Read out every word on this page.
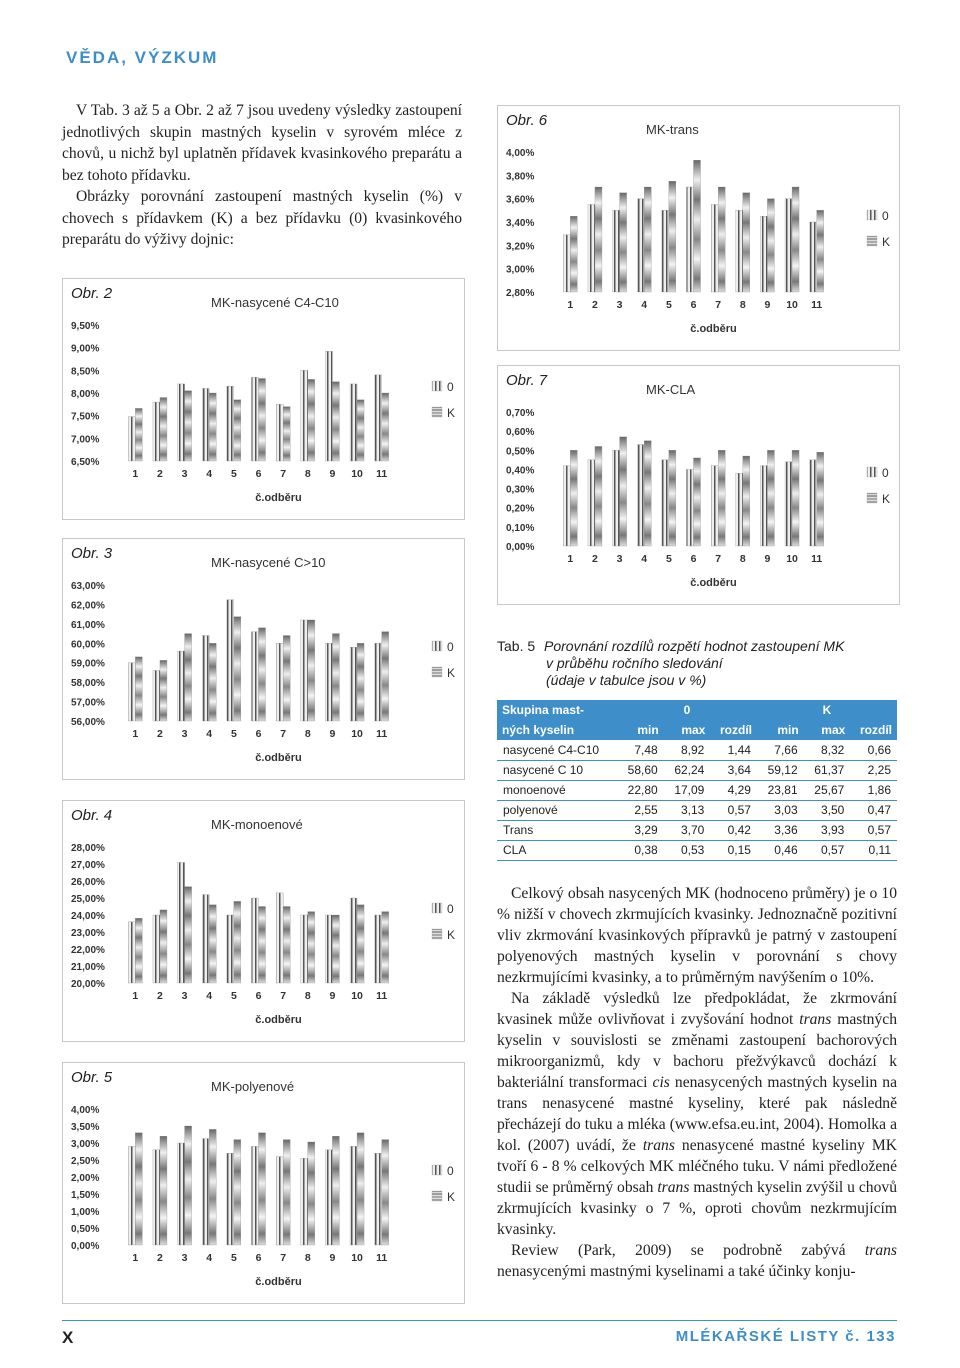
VĚDA, VÝZKUM

V Tab. 3 až 5 a Obr. 2 až 7 jsou uvedeny výsledky zastoupení jednotlivých skupin mastných kyselin v syrovém mléce z chovů, u nichž byl uplatněn přídavek kvasinkového preparátu a bez tohoto přídavku.

Obrázky porovnání zastoupení mastných kyselin (%) v chovech s přídavkem (K) a bez přídavku (0) kvasinkového preparátu do výživy dojnic:

MK-nasycené C4-C10
6,50%
7,00%
7,50%
8,00%
8,50%
9,00%
9,50%
1 2 3 4 5 6 7 8 9 10 11
č.odběru
0
K
Obr. 2
MK-nasycené C>10
56,00%
57,00%
58,00%
59,00%
60,00%
61,00%
62,00%
63,00%
1 2 3 4 5 6 7 8 9 10 11
č.odběru
0
K
Obr. 3
MK-monoenové
20,00%
21,00%
22,00%
23,00%
24,00%
25,00%
26,00%
27,00%
28,00%
1 2 3 4 5 6 7 8 9 10 11
č.odběru
0
K
Obr. 4
MK-polyenové
0,00%
0,50%
1,00%
1,50%
2,00%
2,50%
3,00%
3,50%
4,00%
1 2 3 4 5 6 7 8 9 10 11
č.odběru
0
K
Obr. 5
MK-trans
2,80%
3,00%
3,20%
3,40%
3,60%
3,80%
4,00%
1 2 3 4 5 6 7 8 9 10 11
č.odběru
0
K
Obr. 6
MK-CLA
0,00%
0,10%
0,20%
0,30%
0,40%
0,50%
0,60%
0,70%
1 2 3 4 5 6 7 8 9 10 11
č.odběru
0
K
Obr. 7
Tab. 5 Porovnání rozdílů rozpětí hodnot zastoupení MK
v průběhu ročního sledování
(údaje v tabulce jsou v %)
Skupina mast-	0			K		
ných kyselin	min	max	rozdíl	min	max	rozdíl
nasycené C4-C10	7,48	8,92	1,44	7,66	8,32	0,66
nasycené C 10	58,60	62,24	3,64	59,12	61,37	2,25
monoenové	22,80	17,09	4,29	23,81	25,67	1,86
polyenové	2,55	3,13	0,57	3,03	3,50	0,47
Trans	3,29	3,70	0,42	3,36	3,93	0,57
CLA	0,38	0,53	0,15	0,46	0,57	0,11

Celkový obsah nasycených MK (hodnoceno průměry) je o 10 % nižší v chovech zkrmujících kvasinky. Jednoznačně pozitivní vliv zkrmování kvasinkových přípravků je patrný v zastoupení polyenových mastných kyselin v porovnání s chovy nezkrmujícími kvasinky, a to průměrným navýšením o 10%.

Na základě výsledků lze předpokládat, že zkrmování kvasinek může ovlivňovat i zvyšování hodnot trans mastných kyselin v souvislosti se změnami zastoupení bachorových mikroorganizmů, kdy v bachoru přežvýkavců dochází k bakteriální transformaci cis nenasycených mastných kyselin na trans nenasycené mastné kyseliny, které pak následně přecházejí do tuku a mléka (www.efsa.eu.int, 2004). Homolka a kol. (2007) uvádí, že trans nenasycené mastné kyseliny MK tvoří 6 - 8 % celkových MK mléčného tuku. V námi předložené studii se průměrný obsah trans mastných kyselin zvýšil u chovů zkrmujících kvasinky o 7 %, oproti chovům nezkrmujícím kvasinky.

Review (Park, 2009) se podrobně zabývá trans nenasycenými mastnými kyselinami a také účinky konju-

X	MLÉKAŘSKÉ LISTY č. 133
